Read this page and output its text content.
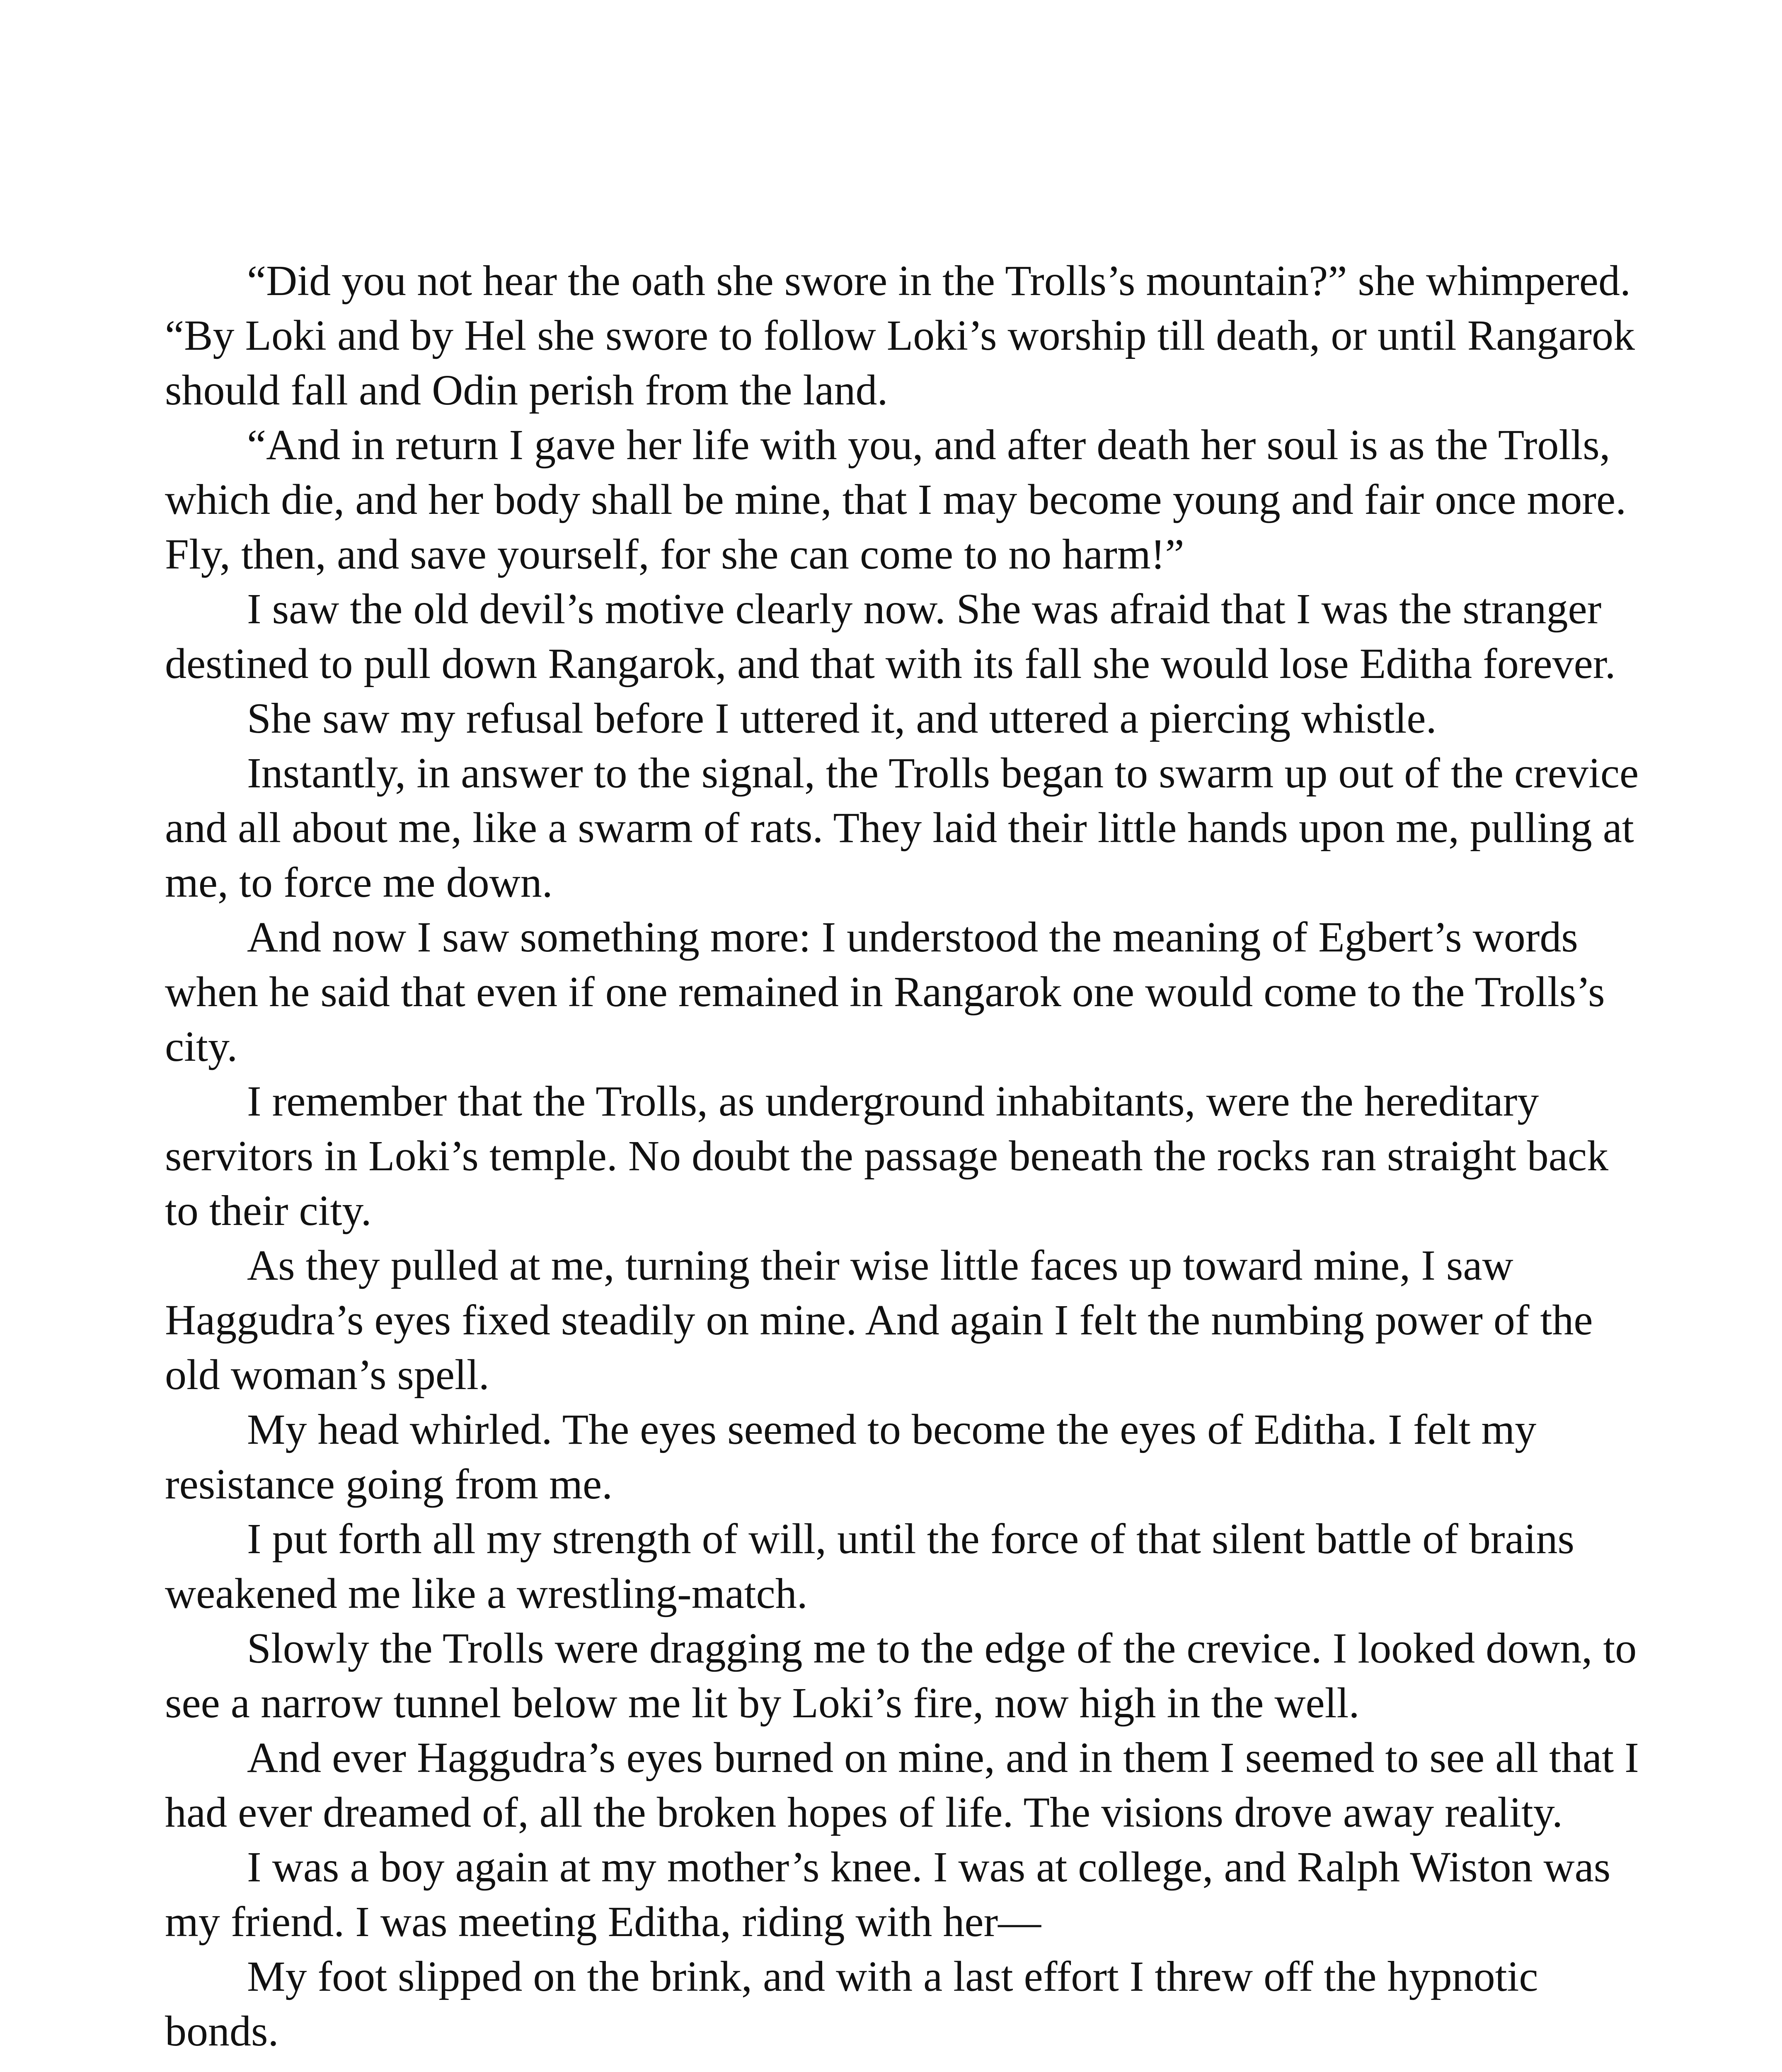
“Did you not hear the oath she swore in the Trolls’s mountain?” she whimpered. “By Loki and by Hel she swore to follow Loki’s worship till death, or until Rangarok should fall and Odin perish from the land.

“And in return I gave her life with you, and after death her soul is as the Trolls, which die, and her body shall be mine, that I may become young and fair once more. Fly, then, and save yourself, for she can come to no harm!”

I saw the old devil’s motive clearly now. She was afraid that I was the stranger destined to pull down Rangarok, and that with its fall she would lose Editha forever.

She saw my refusal before I uttered it, and uttered a piercing whistle.

Instantly, in answer to the signal, the Trolls began to swarm up out of the crevice and all about me, like a swarm of rats. They laid their little hands upon me, pulling at me, to force me down.

And now I saw something more: I understood the meaning of Egbert’s words when he said that even if one remained in Rangarok one would come to the Trolls’s city.

I remember that the Trolls, as underground inhabitants, were the hereditary servitors in Loki’s temple. No doubt the passage beneath the rocks ran straight back to their city.

As they pulled at me, turning their wise little faces up toward mine, I saw Haggudra’s eyes fixed steadily on mine. And again I felt the numbing power of the old woman’s spell.

My head whirled. The eyes seemed to become the eyes of Editha. I felt my resistance going from me.

I put forth all my strength of will, until the force of that silent battle of brains weakened me like a wrestling-match.

Slowly the Trolls were dragging me to the edge of the crevice. I looked down, to see a narrow tunnel below me lit by Loki’s fire, now high in the well.

And ever Haggudra’s eyes burned on mine, and in them I seemed to see all that I had ever dreamed of, all the broken hopes of life. The visions drove away reality.

I was a boy again at my mother’s knee. I was at college, and Ralph Wiston was my friend. I was meeting Editha, riding with her—

My foot slipped on the brink, and with a last effort I threw off the hypnotic bonds.
